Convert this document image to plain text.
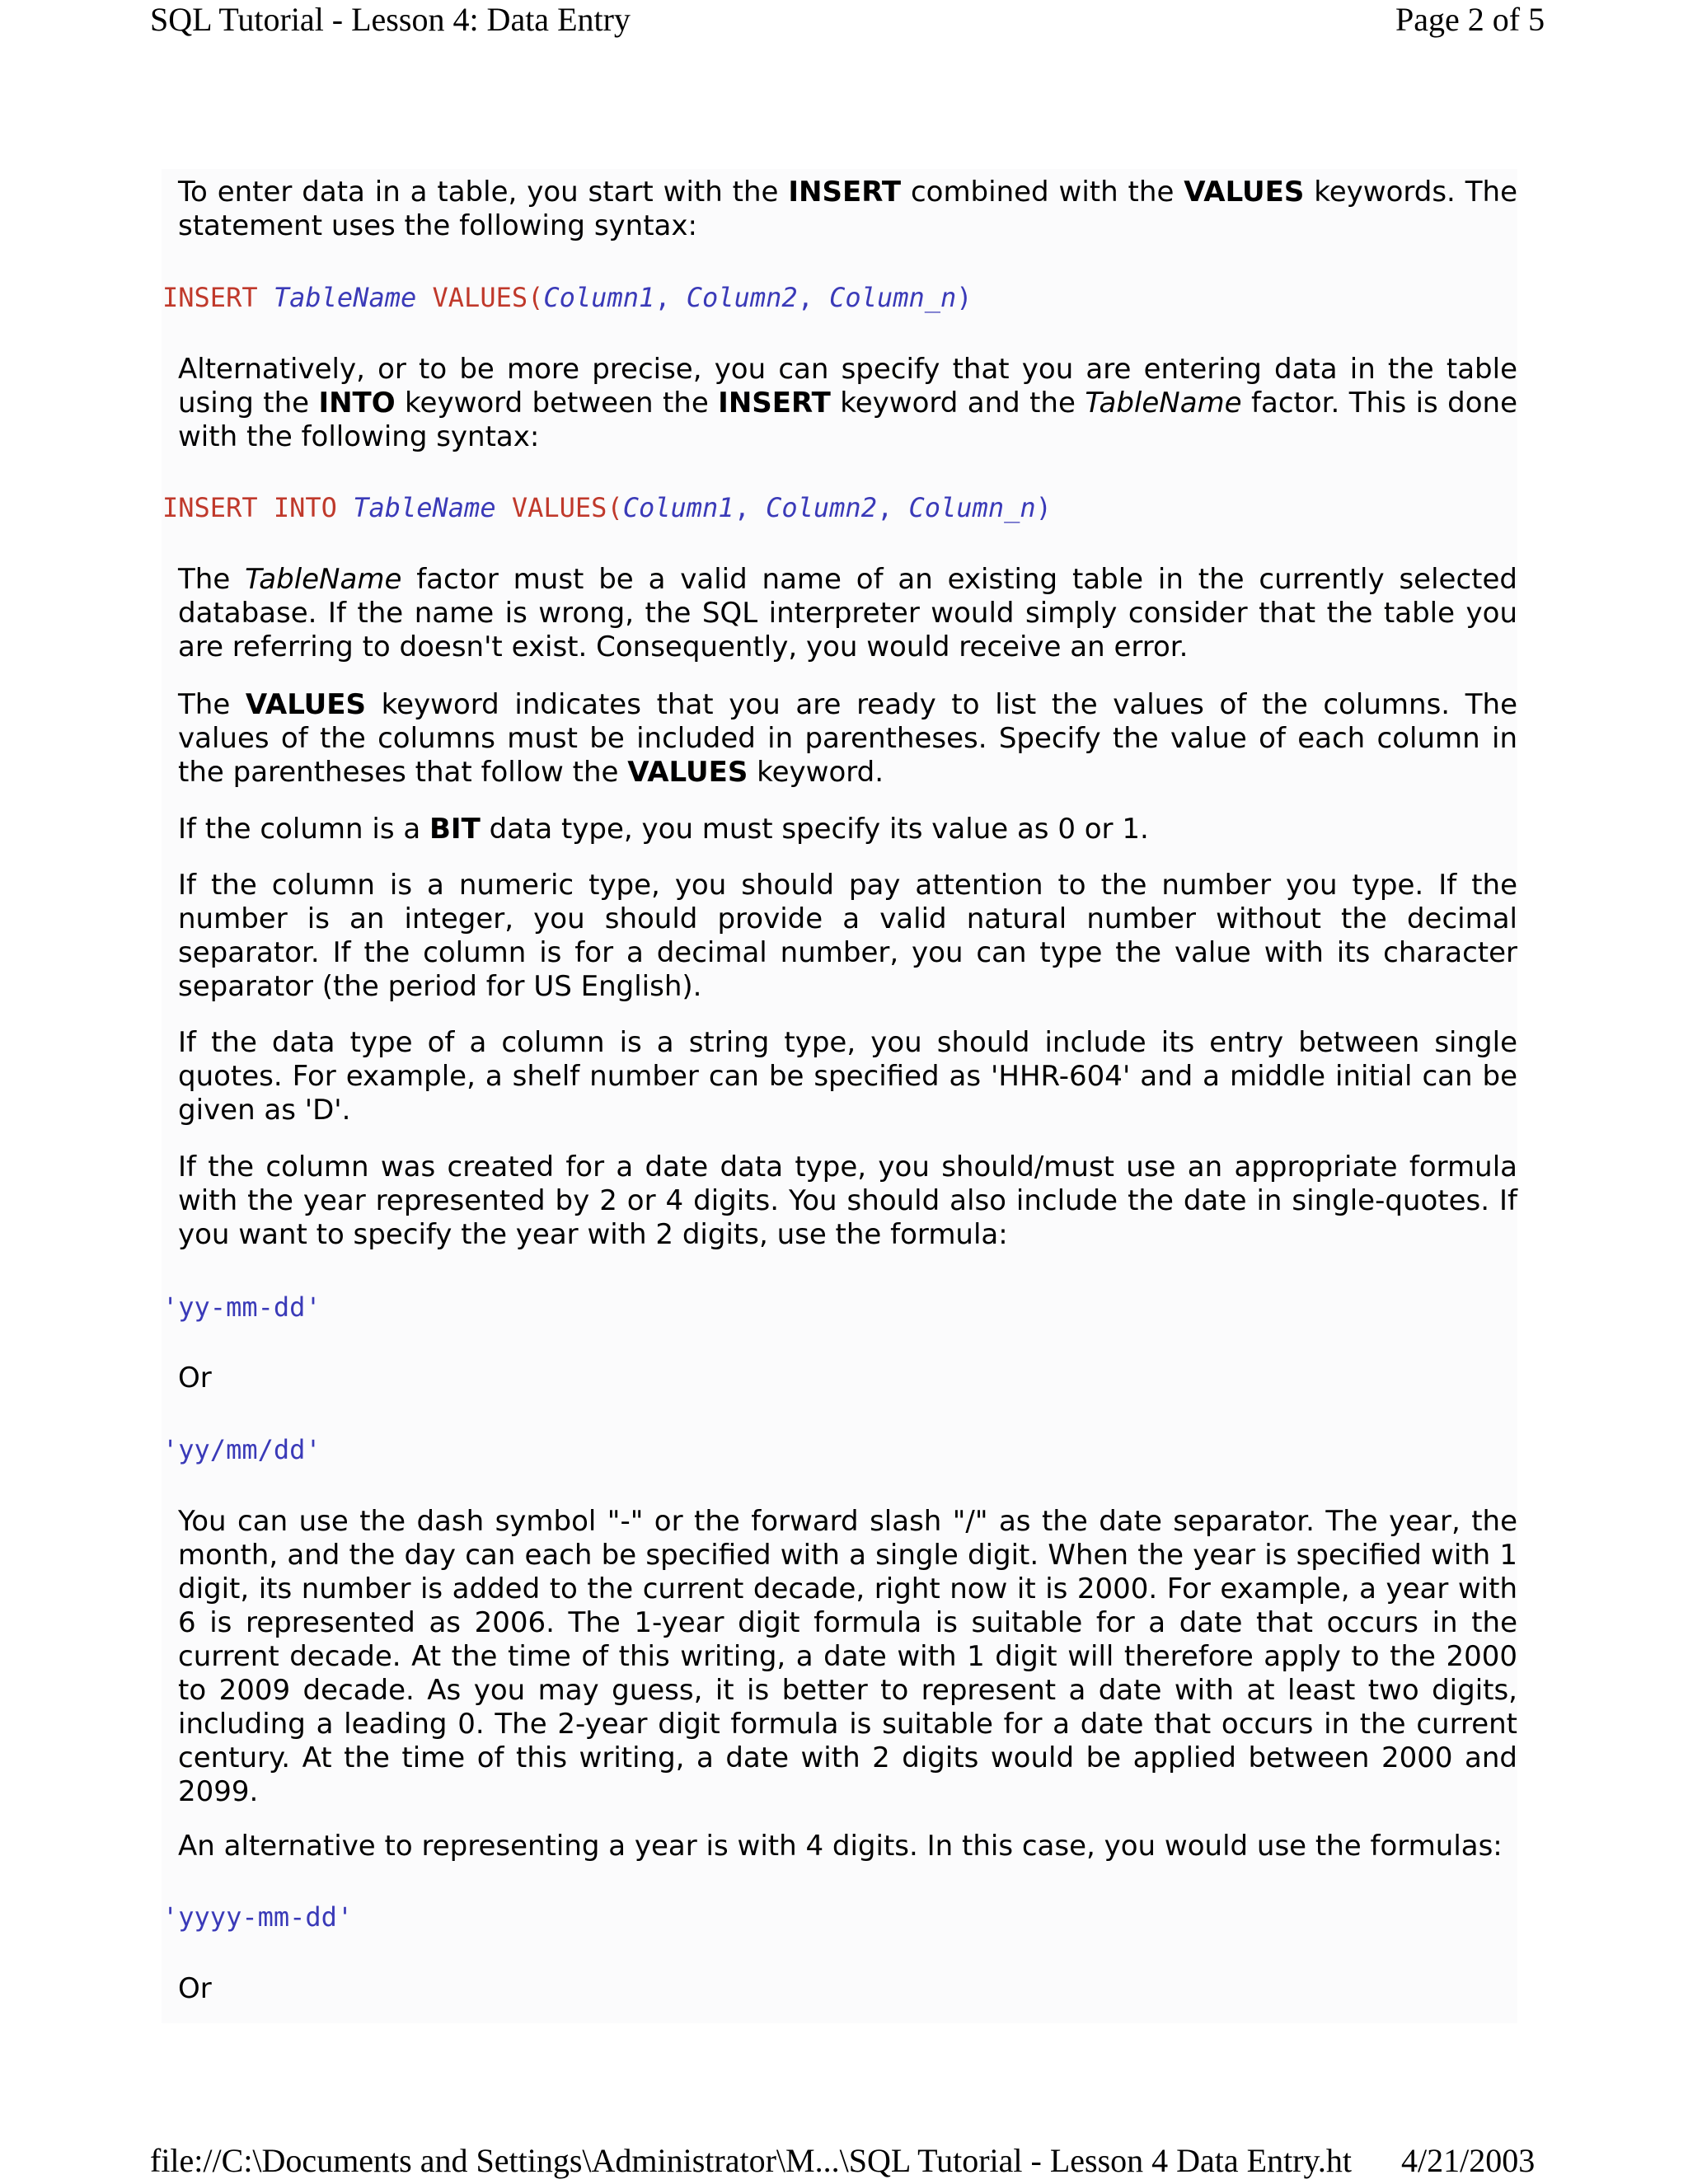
SQL Tutorial - Lesson 4: Data Entry	Page 2 of 5

To enter data in a table, you start with the INSERT combined with the VALUES keywords. The statement uses the following syntax:

INSERT TableName VALUES(Column1, Column2, Column_n)

Alternatively, or to be more precise, you can specify that you are entering data in the table using the INTO keyword between the INSERT keyword and the TableName factor. This is done with the following syntax:

INSERT INTO TableName VALUES(Column1, Column2, Column_n)

The TableName factor must be a valid name of an existing table in the currently selected database. If the name is wrong, the SQL interpreter would simply consider that the table you are referring to doesn't exist. Consequently, you would receive an error.

The VALUES keyword indicates that you are ready to list the values of the columns. The values of the columns must be included in parentheses. Specify the value of each column in the parentheses that follow the VALUES keyword.

If the column is a BIT data type, you must specify its value as 0 or 1.

If the column is a numeric type, you should pay attention to the number you type. If the number is an integer, you should provide a valid natural number without the decimal separator. If the column is for a decimal number, you can type the value with its character separator (the period for US English).

If the data type of a column is a string type, you should include its entry between single quotes. For example, a shelf number can be specified as 'HHR-604' and a middle initial can be given as 'D'.

If the column was created for a date data type, you should/must use an appropriate formula with the year represented by 2 or 4 digits. You should also include the date in single-quotes. If you want to specify the year with 2 digits, use the formula:

'yy-mm-dd'

Or

'yy/mm/dd'

You can use the dash symbol "-" or the forward slash "/" as the date separator. The year, the month, and the day can each be specified with a single digit. When the year is specified with 1 digit, its number is added to the current decade, right now it is 2000. For example, a year with 6 is represented as 2006. The 1-year digit formula is suitable for a date that occurs in the current decade. At the time of this writing, a date with 1 digit will therefore apply to the 2000 to 2009 decade. As you may guess, it is better to represent a date with at least two digits, including a leading 0. The 2-year digit formula is suitable for a date that occurs in the current century. At the time of this writing, a date with 2 digits would be applied between 2000 and 2099.

An alternative to representing a year is with 4 digits. In this case, you would use the formulas:

'yyyy-mm-dd'

Or

file://C:\Documents and Settings\Administrator\M...\SQL Tutorial - Lesson 4 Data Entry.ht 4/21/2003
